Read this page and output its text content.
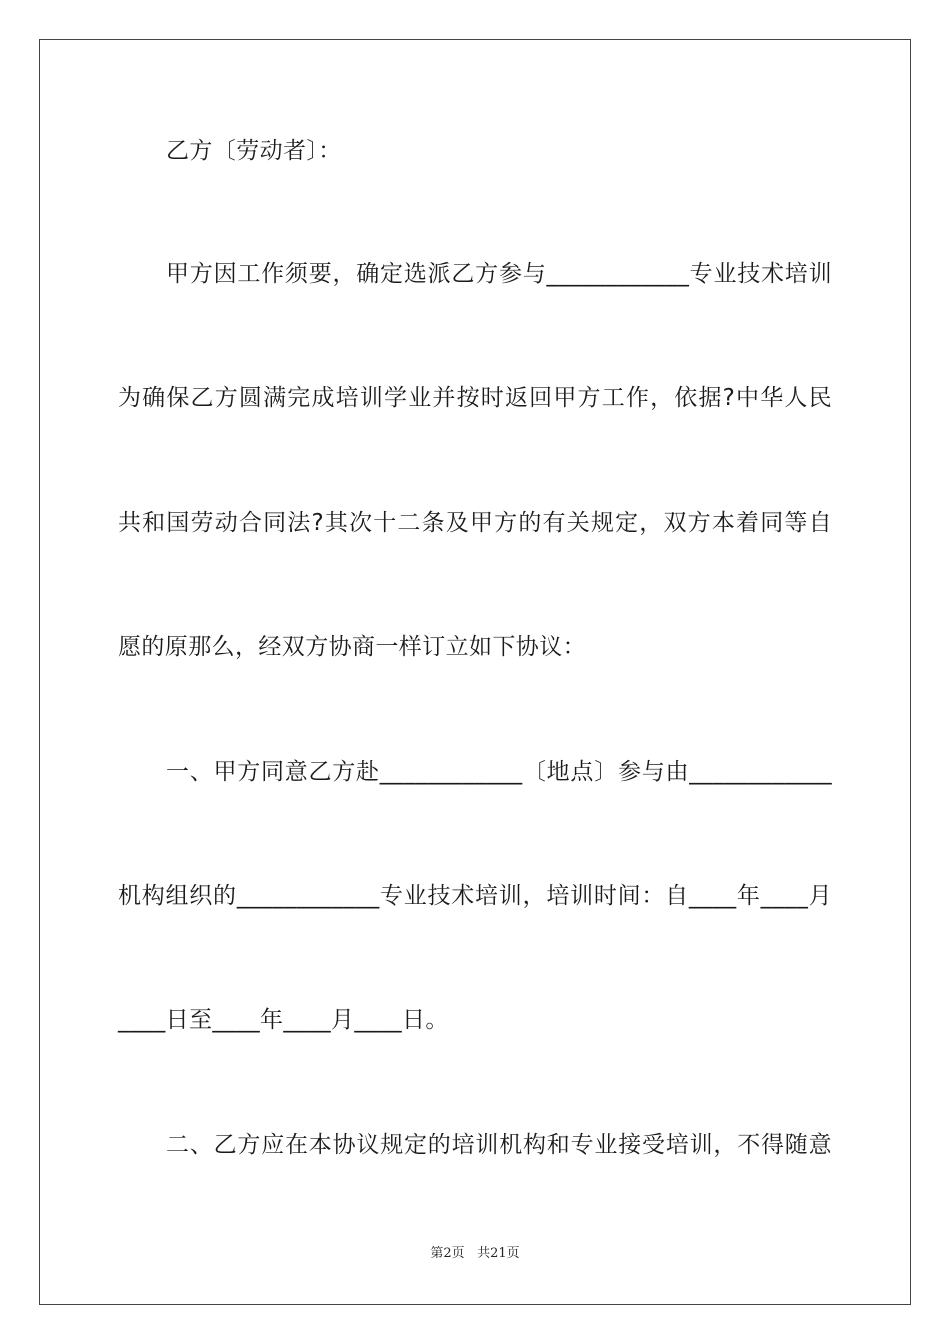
乙方〔劳动者〕：
甲方因工作须要，确定选派乙方参与____________专业技术培训
为确保乙方圆满完成培训学业并按时返回甲方工作，依据?中华人民
共和国劳动合同法?其次十二条及甲方的有关规定，双方本着同等自
愿的原那么，经双方协商一样订立如下协议：
一、甲方同意乙方赴____________〔地点〕参与由____________
机构组织的____________专业技术培训，培训时间：自____年____月
____日至____年____月____日。
二、乙方应在本协议规定的培训机构和专业接受培训，不得随意
第2页 共21页
